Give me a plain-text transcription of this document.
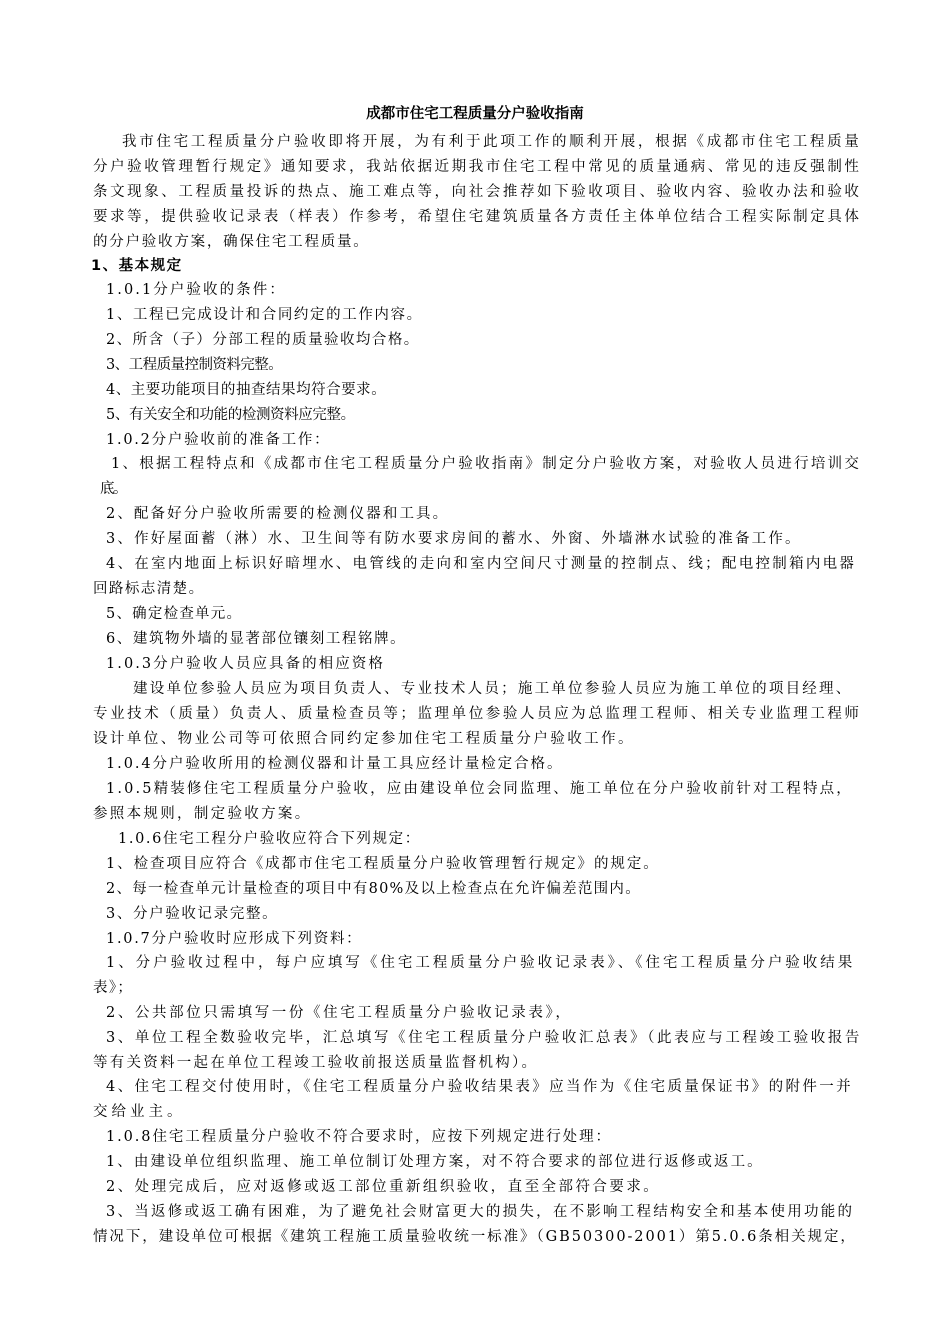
成都市住宅工程质量分户验收指南
我市住宅工程质量分户验收即将开展，为有利于此项工作的顺利开展，根据《成都市住宅工程质量
分户验收管理暂行规定》通知要求，我站依据近期我市住宅工程中常见的质量通病、常见的违反强制性
条文现象、工程质量投诉的热点、施工难点等，向社会推荐如下验收项目、验收内容、验收办法和验收
要求等，提供验收记录表（样表）作参考，希望住宅建筑质量各方责任主体单位结合工程实际制定具体
的分户验收方案，确保住宅工程质量。
1、基本规定
1.0.1分户验收的条件：
1、工程已完成设计和合同约定的工作内容。
2、所含（子）分部工程的质量验收均合格。
3、工程质量控制资料完整。
4、主要功能项目的抽查结果均符合要求。
5、有关安全和功能的检测资料应完整。
1.0.2分户验收前的准备工作：
1、根据工程特点和《成都市住宅工程质量分户验收指南》制定分户验收方案，对验收人员进行培训交
底。
2、配备好分户验收所需要的检测仪器和工具。
3、作好屋面蓄（淋）水、卫生间等有防水要求房间的蓄水、外窗、外墙淋水试验的准备工作。
4、在室内地面上标识好暗埋水、电管线的走向和室内空间尺寸测量的控制点、线；配电控制箱内电器
回路标志清楚。
5、确定检查单元。
6、建筑物外墙的显著部位镶刻工程铭牌。
1.0.3分户验收人员应具备的相应资格
建设单位参验人员应为项目负责人、专业技术人员；施工单位参验人员应为施工单位的项目经理、
专业技术（质量）负责人、质量检查员等；监理单位参验人员应为总监理工程师、相关专业监理工程师
设计单位、物业公司等可依照合同约定参加住宅工程质量分户验收工作。
1.0.4分户验收所用的检测仪器和计量工具应经计量检定合格。
1.0.5精装修住宅工程质量分户验收，应由建设单位会同监理、施工单位在分户验收前针对工程特点，
参照本规则，制定验收方案。
1.0.6住宅工程分户验收应符合下列规定：
1、检查项目应符合《成都市住宅工程质量分户验收管理暂行规定》的规定。
2、每一检查单元计量检查的项目中有80%及以上检查点在允许偏差范围内。
3、分户验收记录完整。
1.0.7分户验收时应形成下列资料：
1、分户验收过程中，每户应填写《住宅工程质量分户验收记录表》、《住宅工程质量分户验收结果
表》；
2、公共部位只需填写一份《住宅工程质量分户验收记录表》，
3、单位工程全数验收完毕，汇总填写《住宅工程质量分户验收汇总表》（此表应与工程竣工验收报告
等有关资料一起在单位工程竣工验收前报送质量监督机构）。
4、住宅工程交付使用时，《住宅工程质量分户验收结果表》应当作为《住宅质量保证书》的附件一并
交给业主。
1.0.8住宅工程质量分户验收不符合要求时，应按下列规定进行处理：
1、由建设单位组织监理、施工单位制订处理方案，对不符合要求的部位进行返修或返工。
2、处理完成后，应对返修或返工部位重新组织验收，直至全部符合要求。
3、当返修或返工确有困难，为了避免社会财富更大的损失，在不影响工程结构安全和基本使用功能的
情况下，建设单位可根据《建筑工程施工质量验收统一标准》（GB50300-2001）第5.0.6条相关规定，
